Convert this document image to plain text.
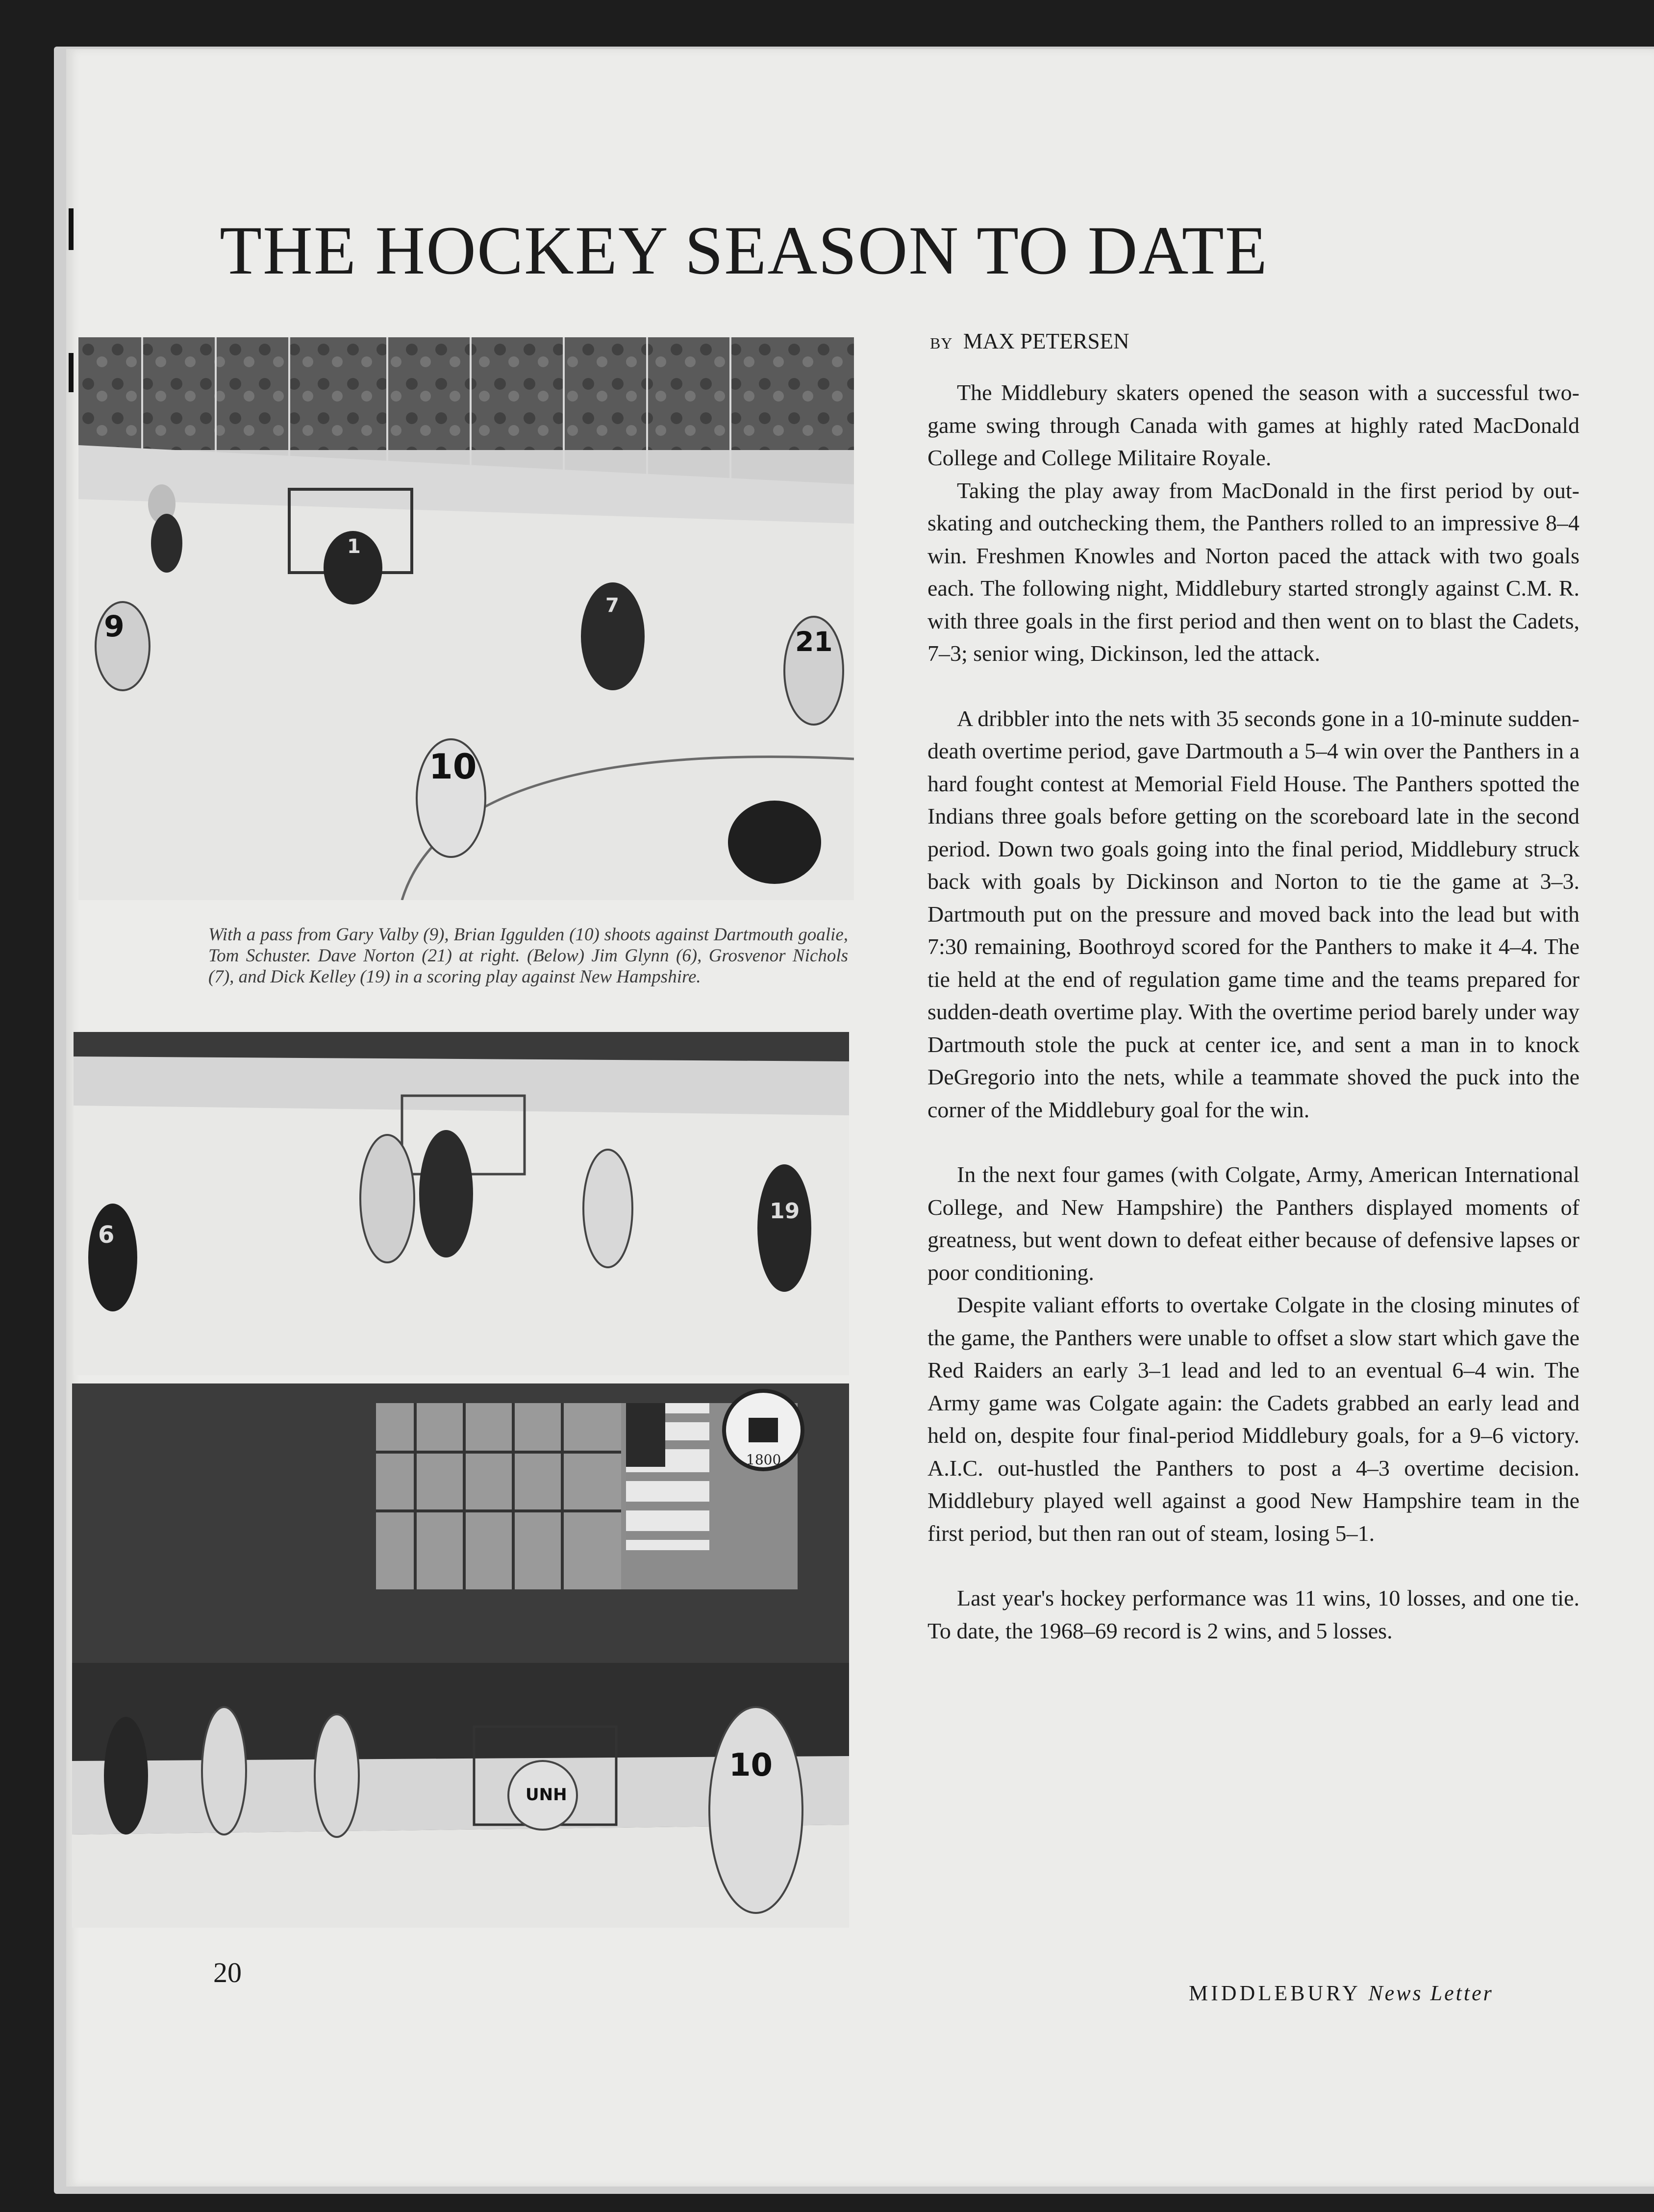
THE HOCKEY SEASON TO DATE
BY MAX PETERSEN
9
10
21
1
7
With a pass from Gary Valby (9), Brian Iggulden (10) shoots against Dartmouth goalie, Tom Schuster. Dave Norton (21) at right. (Below) Jim Glynn (6), Grosvenor Nichols (7), and Dick Kelley (19) in a scoring play against New Hampshire.
6
19
1800
10
UNH

The Middlebury skaters opened the season with a successful two-game swing through Canada with games at highly rated MacDonald College and College Militaire Royale.

Taking the play away from MacDonald in the first period by out-skating and outchecking them, the Panthers rolled to an impressive 8–4 win. Freshmen Knowles and Norton paced the attack with two goals each. The following night, Middlebury started strongly against C.M. R. with three goals in the first period and then went on to blast the Cadets, 7–3; senior wing, Dickinson, led the attack.

A dribbler into the nets with 35 seconds gone in a 10-minute sudden-death overtime period, gave Dartmouth a 5–4 win over the Panthers in a hard fought contest at Memorial Field House. The Panthers spotted the Indians three goals before getting on the scoreboard late in the second period. Down two goals going into the final period, Middlebury struck back with goals by Dickinson and Norton to tie the game at 3–3. Dartmouth put on the pressure and moved back into the lead but with 7:30 remaining, Boothroyd scored for the Panthers to make it 4–4. The tie held at the end of regulation game time and the teams prepared for sudden-death overtime play. With the overtime period barely under way Dartmouth stole the puck at center ice, and sent a man in to knock DeGregorio into the nets, while a teammate shoved the puck into the corner of the Middlebury goal for the win.

In the next four games (with Colgate, Army, American International College, and New Hampshire) the Panthers displayed moments of greatness, but went down to defeat either because of defensive lapses or poor conditioning.

Despite valiant efforts to overtake Colgate in the closing minutes of the game, the Panthers were unable to offset a slow start which gave the Red Raiders an early 3–1 lead and led to an eventual 6–4 win. The Army game was Colgate again: the Cadets grabbed an early lead and held on, despite four final-period Middlebury goals, for a 9–6 victory. A.I.C. out-hustled the Panthers to post a 4–3 overtime decision. Middlebury played well against a good New Hampshire team in the first period, but then ran out of steam, losing 5–1.

Last year's hockey performance was 11 wins, 10 losses, and one tie. To date, the 1968–69 record is 2 wins, and 5 losses.

20
MIDDLEBURY News Letter
